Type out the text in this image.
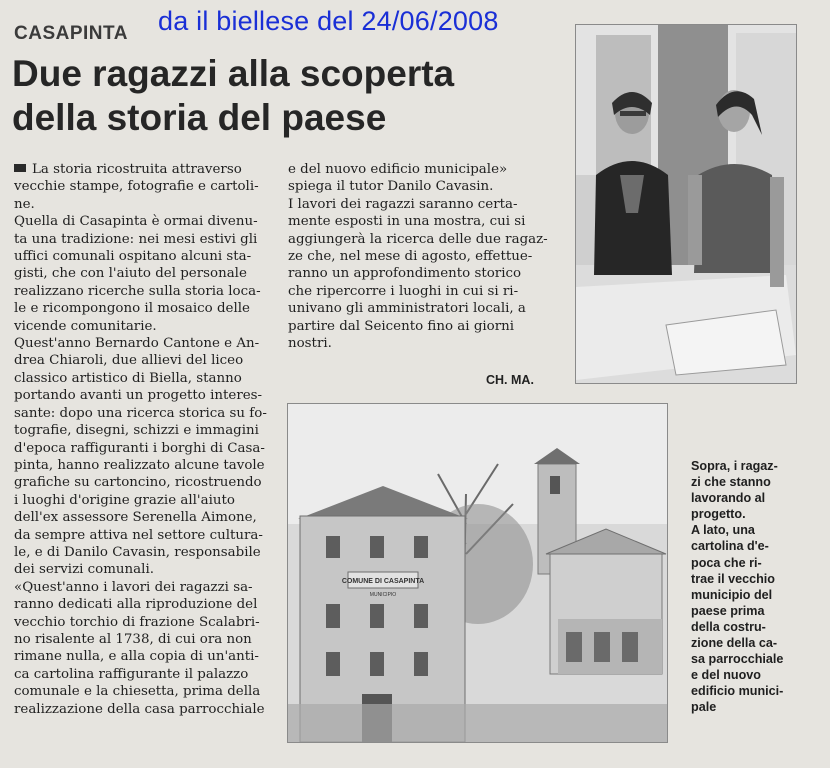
da il biellese del 24/06/2008
CASAPINTA
Due ragazzi alla scoperta
della storia del paese

La storia ricostruita attraverso

vecchie stampe, fotografie e cartoli-

ne.

Quella di Casapinta è ormai divenu-

ta una tradizione: nei mesi estivi gli

uffici comunali ospitano alcuni sta-

gisti, che con l'aiuto del personale

realizzano ricerche sulla storia loca-

le e ricompongono il mosaico delle

vicende comunitarie.

Quest'anno Bernardo Cantone e An-

drea Chiaroli, due allievi del liceo

classico artistico di Biella, stanno

portando avanti un progetto interes-

sante: dopo una ricerca storica su fo-

tografie, disegni, schizzi e immagini

d'epoca raffiguranti i borghi di Casa-

pinta, hanno realizzato alcune tavole

grafiche su cartoncino, ricostruendo

i luoghi d'origine grazie all'aiuto

dell'ex assessore Serenella Aimone,

da sempre attiva nel settore cultura-

le, e di Danilo Cavasin, responsabile

dei servizi comunali.

«Quest'anno i lavori dei ragazzi sa-

ranno dedicati alla riproduzione del

vecchio torchio di frazione Scalabri-

no risalente al 1738, di cui ora non

rimane nulla, e alla copia di un'anti-

ca cartolina raffigurante il palazzo

comunale e la chiesetta, prima della

realizzazione della casa parrocchiale

e del nuovo edificio municipale»

spiega il tutor Danilo Cavasin.

I lavori dei ragazzi saranno certa-

mente esposti in una mostra, cui si

aggiungerà la ricerca delle due ragaz-

ze che, nel mese di agosto, effettue-

ranno un approfondimento storico

che ripercorre i luoghi in cui si ri-

univano gli amministratori locali, a

partire dal Seicento fino ai giorni

nostri.

CH. MA.
COMUNE DI CASAPINTA
MUNICIPIO
Sopra, i ragaz-
zi che stanno
lavorando al
progetto.
A lato, una
cartolina d'e-
poca che ri-
trae il vecchio
municipio del
paese prima
della costru-
zione della ca-
sa parrocchiale
e del nuovo
edificio munici-
pale
